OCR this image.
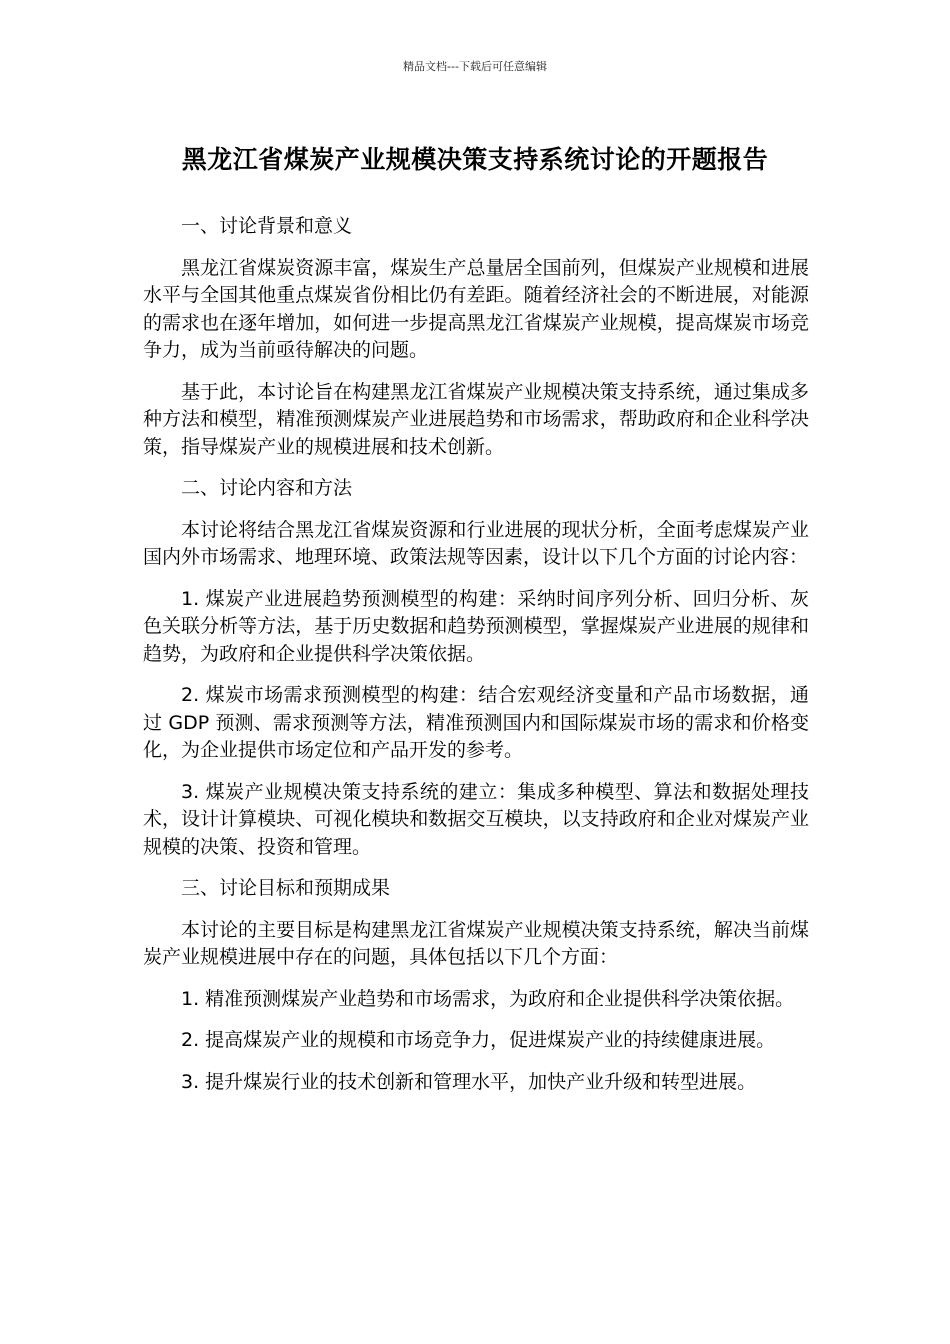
精品文档---下载后可任意编辑
黑龙江省煤炭产业规模决策支持系统讨论的开题报告

一、讨论背景和意义

黑龙江省煤炭资源丰富，煤炭生产总量居全国前列，但煤炭产业规模和进展水平与全国其他重点煤炭省份相比仍有差距。随着经济社会的不断进展，对能源的需求也在逐年增加，如何进一步提高黑龙江省煤炭产业规模，提高煤炭市场竞争力，成为当前亟待解决的问题。

基于此，本讨论旨在构建黑龙江省煤炭产业规模决策支持系统，通过集成多种方法和模型，精准预测煤炭产业进展趋势和市场需求，帮助政府和企业科学决策，指导煤炭产业的规模进展和技术创新。

二、讨论内容和方法

本讨论将结合黑龙江省煤炭资源和行业进展的现状分析，全面考虑煤炭产业国内外市场需求、地理环境、政策法规等因素，设计以下几个方面的讨论内容：

1. 煤炭产业进展趋势预测模型的构建：采纳时间序列分析、回归分析、灰色关联分析等方法，基于历史数据和趋势预测模型，掌握煤炭产业进展的规律和趋势，为政府和企业提供科学决策依据。

2. 煤炭市场需求预测模型的构建：结合宏观经济变量和产品市场数据，通过 GDP 预测、需求预测等方法，精准预测国内和国际煤炭市场的需求和价格变化，为企业提供市场定位和产品开发的参考。

3. 煤炭产业规模决策支持系统的建立：集成多种模型、算法和数据处理技术，设计计算模块、可视化模块和数据交互模块，以支持政府和企业对煤炭产业规模的决策、投资和管理。

三、讨论目标和预期成果

本讨论的主要目标是构建黑龙江省煤炭产业规模决策支持系统，解决当前煤炭产业规模进展中存在的问题，具体包括以下几个方面：

1. 精准预测煤炭产业趋势和市场需求，为政府和企业提供科学决策依据。

2. 提高煤炭产业的规模和市场竞争力，促进煤炭产业的持续健康进展。

3. 提升煤炭行业的技术创新和管理水平，加快产业升级和转型进展。
